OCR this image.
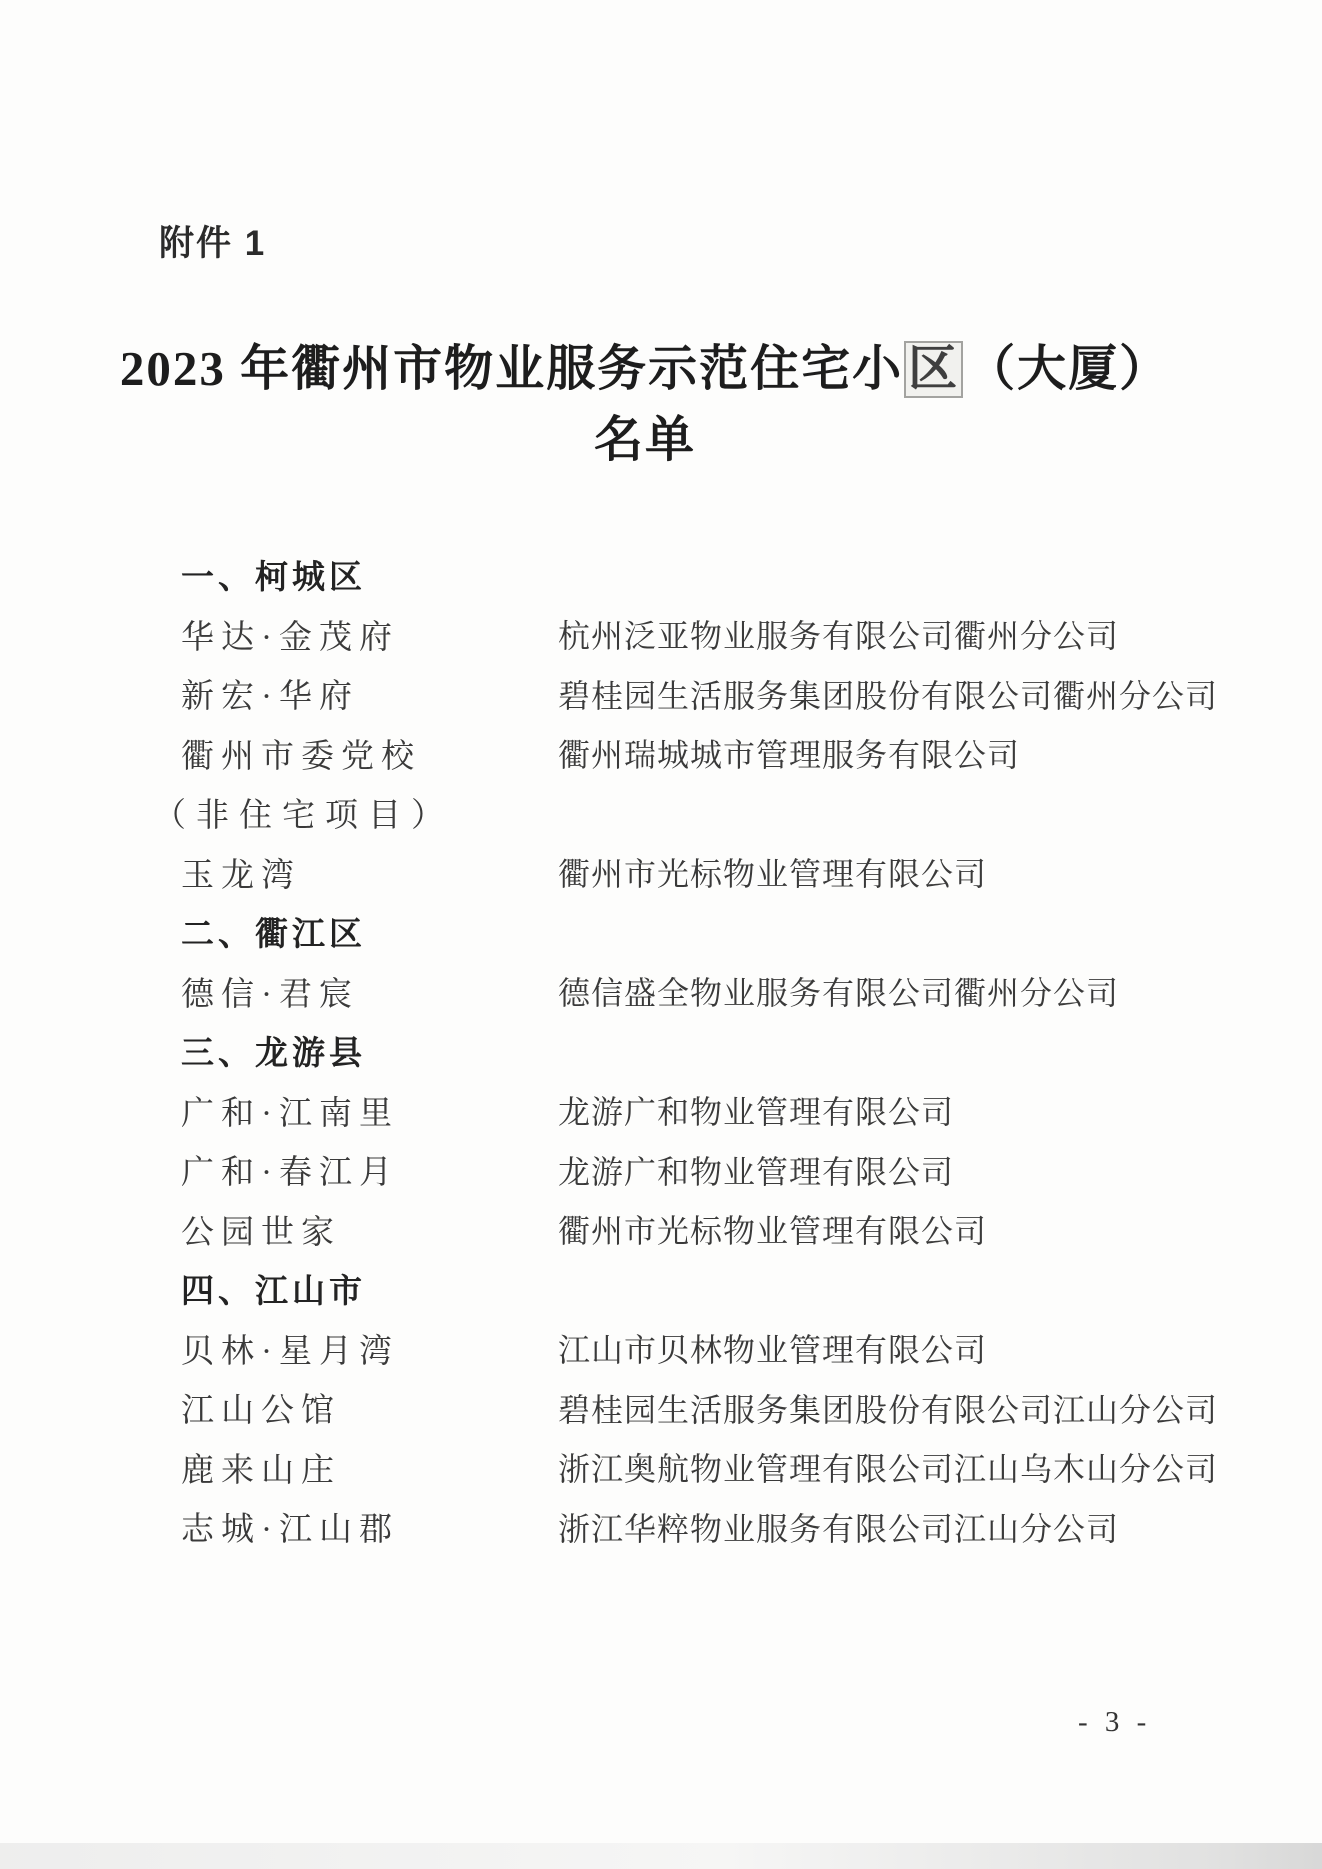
附件 1
2023 年衢州市物业服务示范住宅小 区 （大厦）
名单
一、柯城区
华达·金茂府	杭州泛亚物业服务有限公司衢州分公司
新宏·华府	碧桂园生活服务集团股份有限公司衢州分公司
衢州市委党校	衢州瑞城城市管理服务有限公司
（非住宅项目）
玉龙湾	衢州市光标物业管理有限公司
二、衢江区
德信·君宸	德信盛全物业服务有限公司衢州分公司
三、龙游县
广和·江南里	龙游广和物业管理有限公司
广和·春江月	龙游广和物业管理有限公司
公园世家	衢州市光标物业管理有限公司
四、江山市
贝林·星月湾	江山市贝林物业管理有限公司
江山公馆	碧桂园生活服务集团股份有限公司江山分公司
鹿来山庄	浙江奥航物业管理有限公司江山乌木山分公司
志城·江山郡	浙江华粹物业服务有限公司江山分公司
- 3 -
